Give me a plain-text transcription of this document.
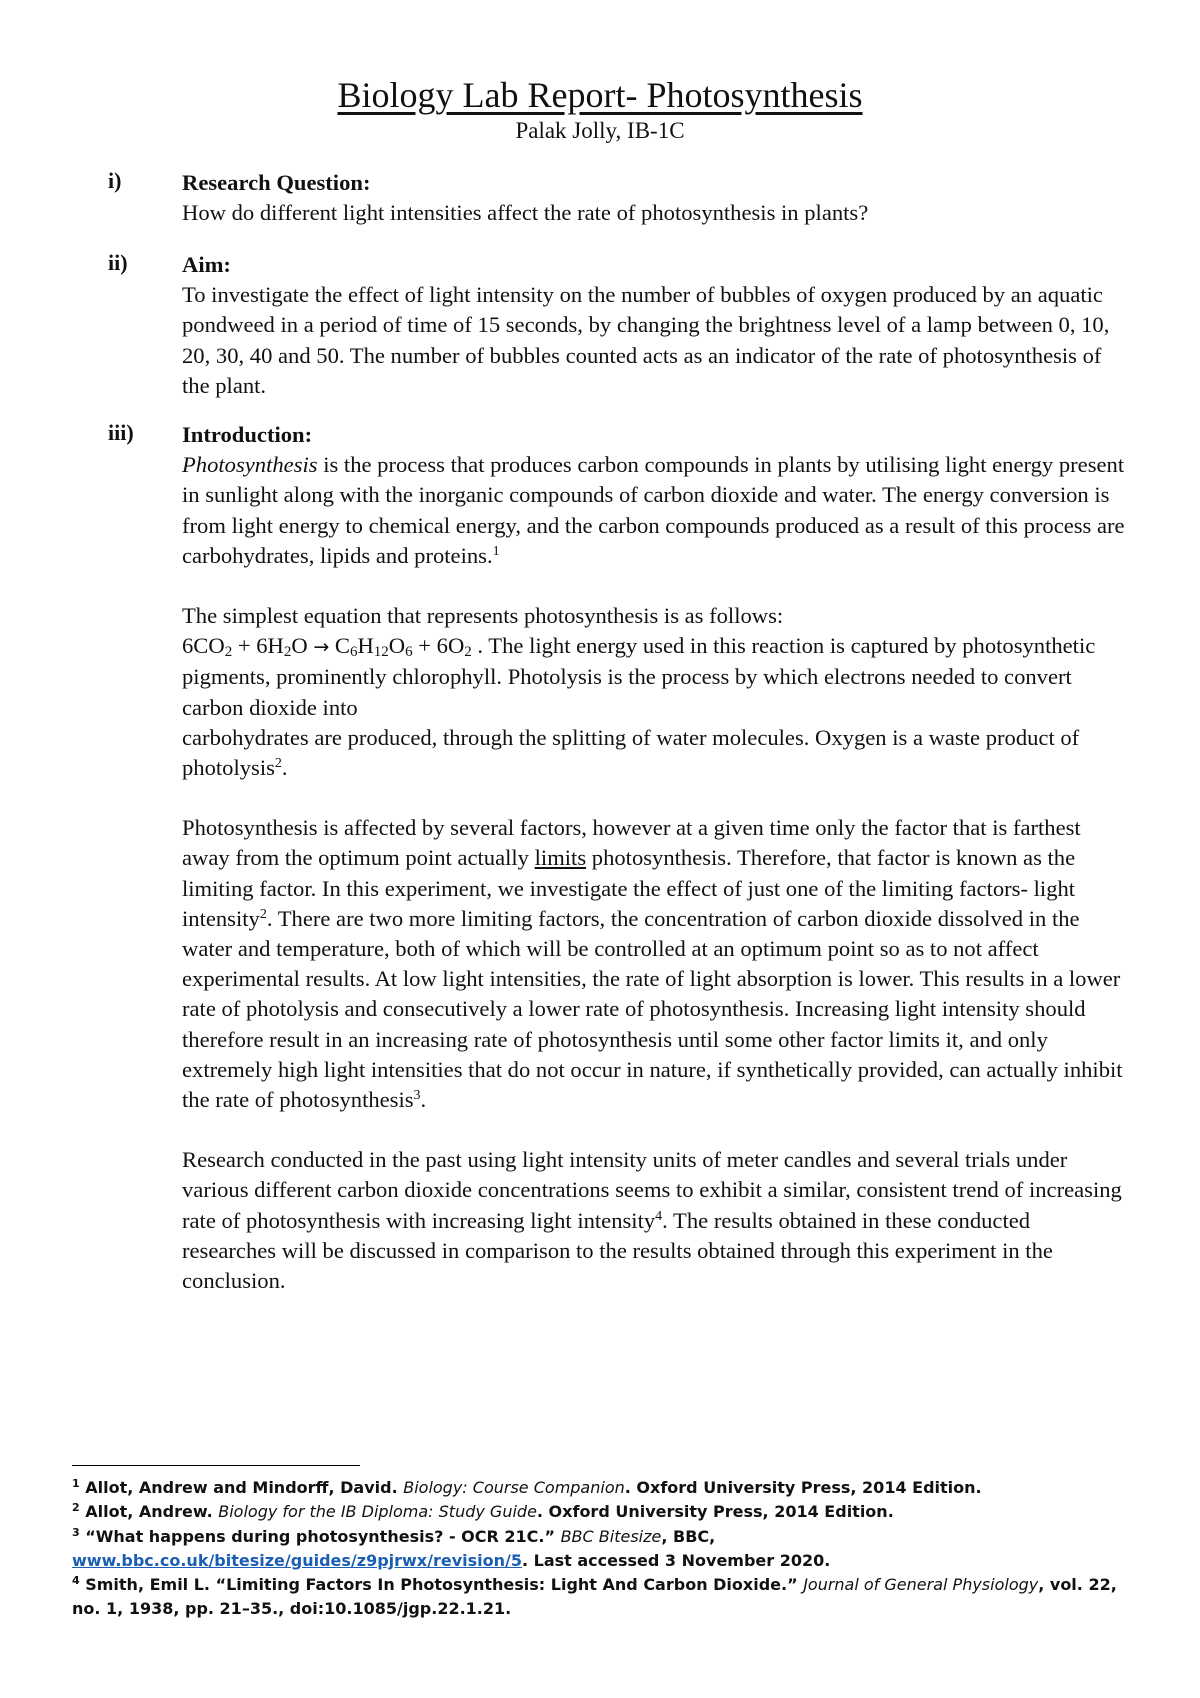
Biology Lab Report- Photosynthesis
Palak Jolly, IB-1C
i)	Research Question:
How do different light intensities affect the rate of photosynthesis in plants?
ii) Aim:
To investigate the effect of light intensity on the number of bubbles of oxygen produced by an aquatic pondweed in a period of time of 15 seconds, by changing the brightness level of a lamp between 0, 10, 20, 30, 40 and 50. The number of bubbles counted acts as an indicator of the rate of photosynthesis of the plant.
iii) Introduction:

Photosynthesis is the process that produces carbon compounds in plants by utilising light energy present in sunlight along with the inorganic compounds of carbon dioxide and water. The energy conversion is from light energy to chemical energy, and the carbon compounds produced as a result of this process are carbohydrates, lipids and proteins.$^1$

The simplest equation that represents photosynthesis is as follows:
$6CO_2 + 6H_2O \to C_6H_{12}O_6 + 6O_2$ . The light energy used in this reaction is captured by photosynthetic pigments, prominently chlorophyll. Photolysis is the process by which electrons needed to convert carbon dioxide into
carbohydrates are produced, through the splitting of water molecules. Oxygen is a waste product of photolysis$^2$.

Photosynthesis is affected by several factors, however at a given time only the factor that is farthest away from the optimum point actually limits photosynthesis. Therefore, that factor is known as the limiting factor. In this experiment, we investigate the effect of just one of the limiting factors- light intensity$^2$. There are two more limiting factors, the concentration of carbon dioxide dissolved in the water and temperature, both of which will be controlled at an optimum point so as to not affect experimental results. At low light intensities, the rate of light absorption is lower. This results in a lower rate of photolysis and consecutively a lower rate of photosynthesis. Increasing light intensity should therefore result in an increasing rate of photosynthesis until some other factor limits it, and only extremely high light intensities that do not occur in nature, if synthetically provided, can actually inhibit the rate of photosynthesis$^3$.

Research conducted in the past using light intensity units of meter candles and several trials under various different carbon dioxide concentrations seems to exhibit a similar, consistent trend of increasing rate of photosynthesis with increasing light intensity$^4$. The results obtained in these conducted researches will be discussed in comparison to the results obtained through this experiment in the conclusion.

$^1$ Allot, Andrew and Mindorff, David. Biology: Course Companion. Oxford University Press, 2014 Edition.

$^2$ Allot, Andrew. Biology for the IB Diploma: Study Guide. Oxford University Press, 2014 Edition.

$^3$ “What happens during photosynthesis? - OCR 21C.” BBC Bitesize, BBC, www.bbc.co.uk/bitesize/guides/z9pjrwx/revision/5. Last accessed 3 November 2020.

$^4$ Smith, Emil L. “Limiting Factors In Photosynthesis: Light And Carbon Dioxide.” Journal of General Physiology, vol. 22, no. 1, 1938, pp. 21–35., doi:10.1085/jgp.22.1.21.
